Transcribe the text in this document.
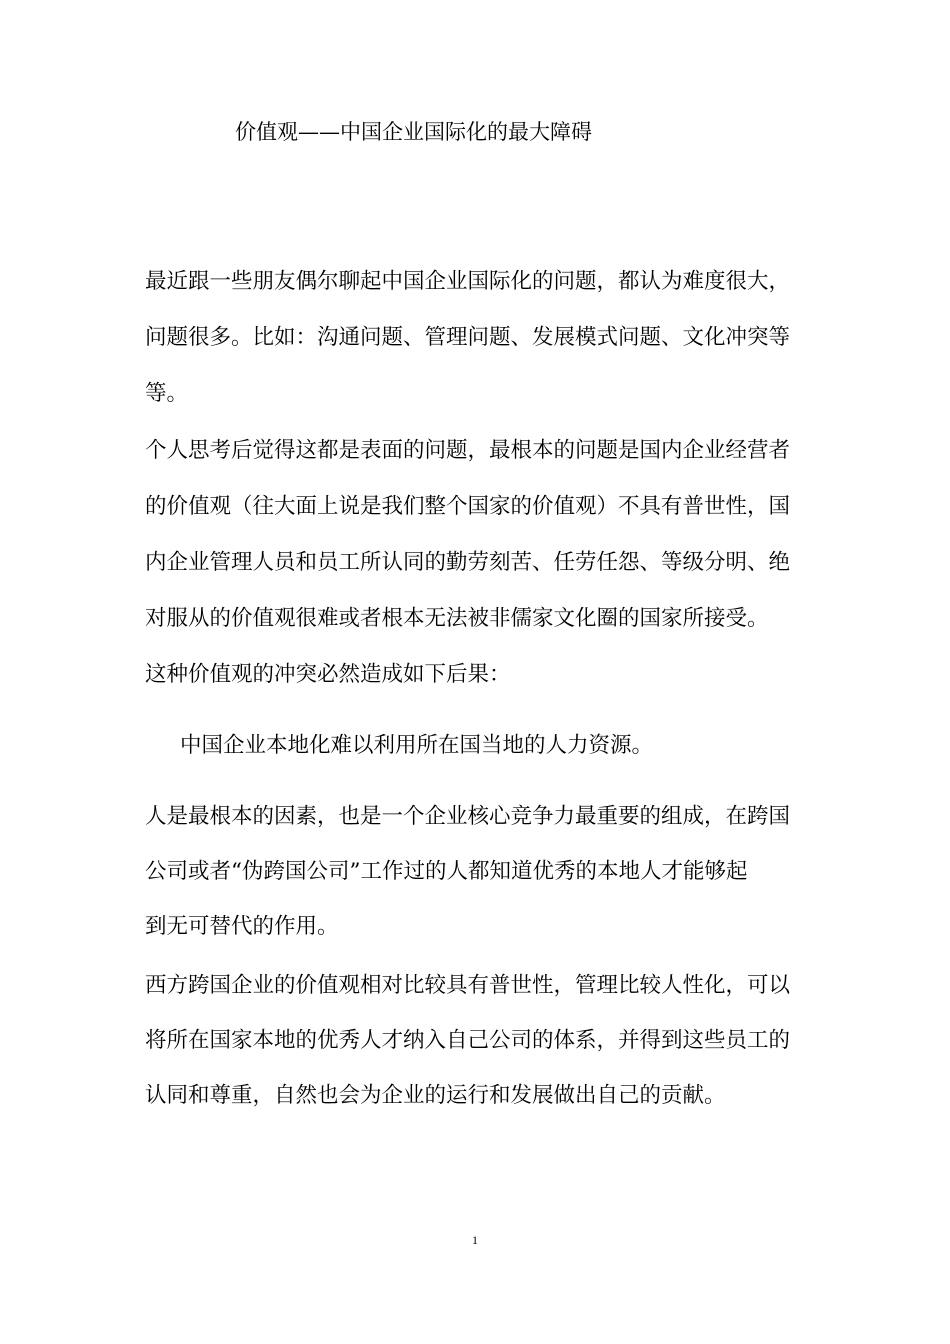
价值观——中国企业国际化的最大障碍
最近跟一些朋友偶尔聊起中国企业国际化的问题，都认为难度很大，
问题很多。比如：沟通问题、管理问题、发展模式问题、文化冲突等
等。
个人思考后觉得这都是表面的问题，最根本的问题是国内企业经营者
的价值观（往大面上说是我们整个国家的价值观）不具有普世性，国
内企业管理人员和员工所认同的勤劳刻苦、任劳任怨、等级分明、绝
对服从的价值观很难或者根本无法被非儒家文化圈的国家所接受。
这种价值观的冲突必然造成如下后果：
中国企业本地化难以利用所在国当地的人力资源。
人是最根本的因素，也是一个企业核心竞争力最重要的组成，在跨国
公司或者“伪跨国公司”工作过的人都知道优秀的本地人才能够起
到无可替代的作用。
西方跨国企业的价值观相对比较具有普世性，管理比较人性化，可以
将所在国家本地的优秀人才纳入自己公司的体系，并得到这些员工的
认同和尊重，自然也会为企业的运行和发展做出自己的贡献。
1
